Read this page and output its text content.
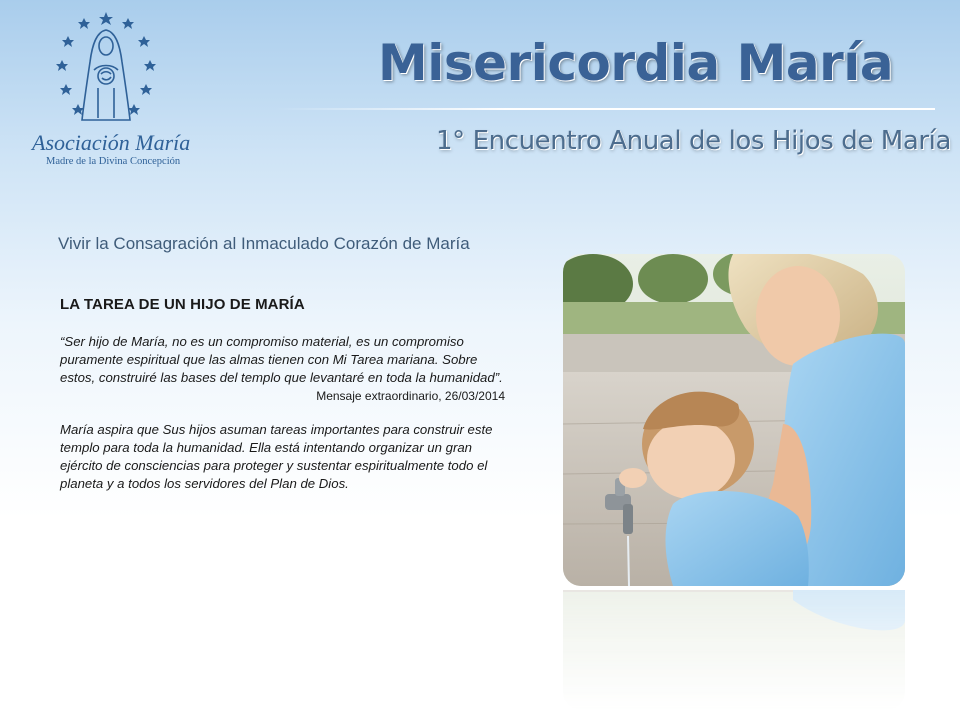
Asociación María
Madre de la Divina Concepción
Misericordia María
1° Encuentro Anual de los Hijos de María
Vivir la Consagración al Inmaculado Corazón de María

LA TAREA DE UN HIJO DE MARÍA

“Ser hijo de María, no es un compromiso material, es un compromiso puramente espiritual que las almas tienen con Mi Tarea mariana. Sobre estos, construiré las bases del templo que levantaré en toda la humanidad”.

Mensaje extraordinario, 26/03/2014

María aspira que Sus hijos asuman tareas importantes para construir este templo para toda la humanidad. Ella está intentando organizar un gran ejército de consciencias para proteger y sustentar espiritualmente todo el planeta y a todos los servidores del Plan de Dios.
